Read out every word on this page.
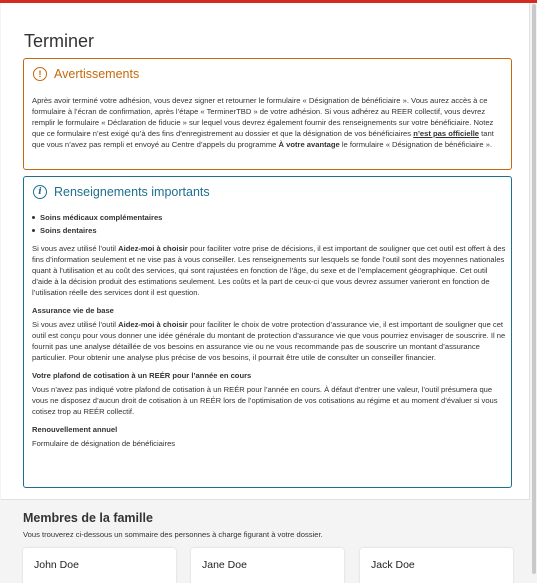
Terminer
!	Avertissements

Après avoir terminé votre adhésion, vous devez signer et retourner le formulaire « Désignation de bénéficiaire ». Vous aurez accès à ce formulaire à l’écran de confirmation, après l’étape « TerminerTBD » de votre adhésion. Si vous adhérez au REER collectif, vous devrez remplir le formulaire « Déclaration de fiducie » sur lequel vous devrez également fournir des renseignements sur votre bénéficiaire. Notez que ce formulaire n’est exigé qu’à des fins d’enregistrement au dossier et que la désignation de vos bénéficiaires n’est pas officielle tant que vous n’avez pas rempli et envoyé au Centre d’appels du programme À votre avantage le formulaire « Désignation de bénéficiaire ».

i Renseignements importants
Soins médicaux complémentaires
Soins dentaires

Si vous avez utilisé l’outil Aidez-moi à choisir pour faciliter votre prise de décisions, il est important de souligner que cet outil est offert à des fins d’information seulement et ne vise pas à vous conseiller. Les renseignements sur lesquels se fonde l’outil sont des moyennes nationales quant à l’utilisation et au coût des services, qui sont rajustées en fonction de l’âge, du sexe et de l’emplacement géographique. Cet outil d’aide à la décision produit des estimations seulement. Les coûts et la part de ceux-ci que vous devrez assumer varieront en fonction de l’utilisation réelle des services dont il est question.

Assurance vie de base

Si vous avez utilisé l’outil Aidez-moi à choisir pour faciliter le choix de votre protection d’assurance vie, il est important de souligner que cet outil est conçu pour vous donner une idée générale du montant de protection d’assurance vie que vous pourriez envisager de souscrire. Il ne fournit pas une analyse détaillée de vos besoins en assurance vie ou ne vous recommande pas de souscrire un montant d’assurance particulier. Pour obtenir une analyse plus précise de vos besoins, il pourrait être utile de consulter un conseiller financier.

Votre plafond de cotisation à un REÉR pour l’année en cours

Vous n’avez pas indiqué votre plafond de cotisation à un REÉR pour l’année en cours. À défaut d’entrer une valeur, l’outil présumera que vous ne disposez d’aucun droit de cotisation à un REÉR lors de l’optimisation de vos cotisations au régime et au moment d’évaluer si vous cotisez trop au REÉR collectif.

Renouvellement annuel

Formulaire de désignation de bénéficiaires

Membres de la famille

Vous trouverez ci-dessous un sommaire des personnes à charge figurant à votre dossier.

John Doe	Jane Doe	Jack Doe
